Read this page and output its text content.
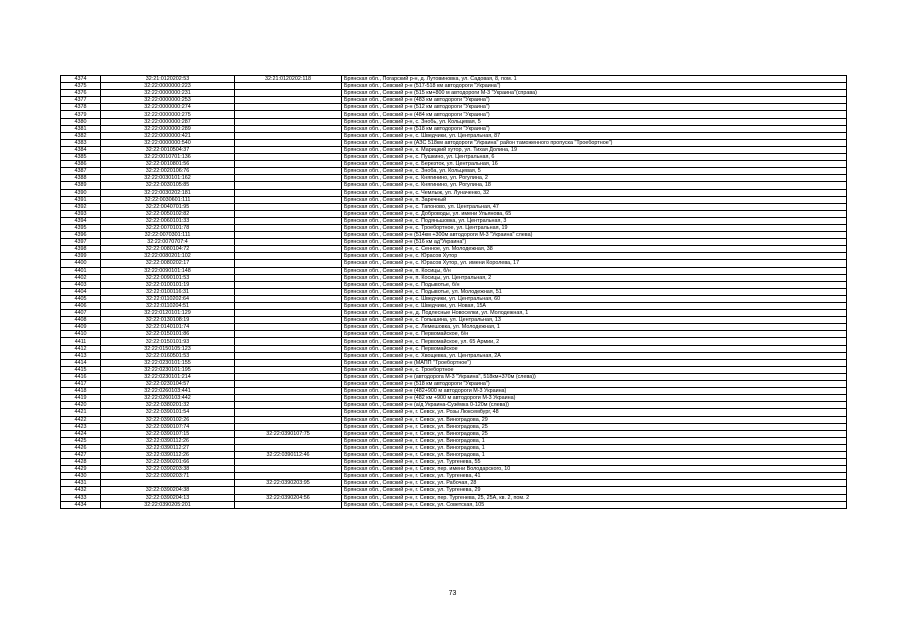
4374	32:21:0120202:53	32:21:0120202:118	Брянская обл., Погарский р-н, д. Лутовиновка, ул. Садовая, 8, пом. 1
4375	32:22:0000000:223		Брянская обл., Севский р-н (517-518 км автодороги "Украина")
4376	32:22:0000000:231		Брянская обл., Севский р-н (515 км+800 м автодороги М-3 "Украина"(справа)
4377	32:22:0000000:253		Брянская обл., Севский р-н (483 км автодороги "Украина")
4378	32:22:0000000:274		Брянская обл., Севский р-н (512 км автодороги "Украина")
4379	32:22:0000000:275		Брянская обл., Севский р-н (484 км автодороги "Украина")
4380	32:22:0000000:287		Брянская обл., Севский р-н, с. Знобь, ул. Кольцевая, 5
4381	32:22:0000000:289		Брянская обл., Севский р-н (518 км автодороги "Украина")
4382	32:22:0000000:421		Брянская обл., Севский р-н, с. Шведчики, ул. Центральная, 87
4383	32:22:0000000:540		Брянская обл., Севский р-н (АЗС 518км автодороги "Украина" район таможенного пропуска "Троебортное")
4384	32:22:0010504:37		Брянская обл., Севский р-н, х. Марицкий хутор, ул. Тихая Долина, 19
4385	32:22:0010701:136		Брянская обл., Севский р-н, с. Пушкино, ул. Центральная, 6
4386	32:22:0010801:56		Брянская обл., Севский р-н, с. Березток, ул. Центральная, 16
4387	32:22:0020106:76		Брянская обл., Севский р-н, с. Зноба, ул. Кольцевая, 5
4388	32:22:0030101:162		Брянская обл., Севский р-н, с. Княгинино, ул. Рогулина, 2
4389	32:22:0030105:85		Брянская обл., Севский р-н, с. Княгинино, ул. Рогулина, 18
4390	32:22:0030202:181		Брянская обл., Севский р-н, с. Чемлыж, ул. Луначенко, 32
4391	32:22:0030601:111		Брянская обл., Севский р-н, п. Заречный
4392	32:22:0040701:95		Брянская обл., Севский р-н, с. Тапоново, ул. Центральная, 47
4393	32:22:0050102:82		Брянская обл., Севский р-н, с. Доброводы, ул. имени Ульянова, 65
4394	32:22:0060101:33		Брянская обл., Севский р-н, с. Подяньшовка, ул. Центральная, 3
4395	32:22:0070101:78		Брянская обл., Севский р-н, с. Троебортное, ул. Центральная, 19
4396	32:22:0070301:111		Брянская обл., Севский р-н (514км +300м автодороги М-3 "Украина" слева)
4397	32:22:0070707:4		Брянская обл., Севский р-н (516 км ад"Украина")
4398	32:22:0080104:72		Брянская обл., Севский р-н, с. Сенное, ул. Молодежная, 38
4399	32:22:0080201:102		Брянская обл., Севский р-н, с. Юрасов Хутор
4400	32:22:0080202:17		Брянская обл., Севский р-н, с. Юрасов Хутор, ул. имени Королева, 17
4401	32:22:0090101:148		Брянская обл., Севский р-н, п. Косицы, б/н
4402	32:22:0090101:53		Брянская обл., Севский р-н, п. Косицы, ул. Центральная, 2
4403	32:22:0100101:19		Брянская обл., Севский р-н, с. Подывотье, б/н
4404	32:22:0100116:31		Брянская обл., Севский р-н, с. Подывотье, ул. Молодежная, 51
4405	32:22:0110202:64		Брянская обл., Севский р-н, с. Шведчики, ул. Центральная, 60
4406	32:22:0110204:51		Брянская обл., Севский р-н, с. Шведчики, ул. Новая, 15А
4407	32:22:0120101:129		Брянская обл., Севский р-н, д. Подлесные Новоселки, ул. Молодежная, 1
4408	32:22:0130108:19		Брянская обл., Севский р-н, с. Голышина, ул. Центральная, 13
4409	32:22:0140101:74		Брянская обл., Севский р-н, с. Лемешовка, ул. Молодежная, 1
4410	32:22:0150101:86		Брянская обл., Севский р-н, с. Первомайское, б/н
4411	32:22:0150101:93		Брянская обл., Севский р-н, с. Первомайское, ул. 65 Армии, 2
4412	32:22:0150105:123		Брянская обл., Севский р-н, с. Первомайское
4413	32:22:0160501:53		Брянская обл., Севский р-н, с. Хвощевка, ул. Центральная, 2А
4414	32:22:0230101:155		Брянская обл., Севский р-н (МАПП "Троебортное")
4415	32:22:0230101:195		Брянская обл., Севский р-н, с. Троебортное
4416	32:22:0230101:214		Брянская обл., Севский р-н (автодорога М-3 "Украина", 518км+370м (слева))
4417	32:22:0230104:57		Брянская обл., Севский р-н (518 км автодороги "Украина")
4418	32:22:0260103:441		Брянская обл., Севский р-н (482+900 м автодороги М-3 Украина)
4419	32:22:0260103:442		Брянская обл., Севский р-н (482 км +900 м автодороги М-3 Украина)
4420	32:22:0380201:32		Брянская обл., Севский р-н (а/д Украина-Сузёмка 0-120м (слева))
4421	32:22:0390101:54		Брянская обл., Севский р-н, г. Севск, ул. Розы Люксембург, 48
4422	32:22:0390102:26		Брянская обл., Севский р-н, г. Севск, ул. Виноградова, 29
4423	32:22:0390107:74		Брянская обл., Севский р-н, г. Севск, ул. Виноградова, 25
4424	32:22:0390107:15	32:22:0390107:75	Брянская обл., Севский р-н, г. Севск, ул. Виноградова, 25
4425	32:22:0390112:26		Брянская обл., Севский р-н, г. Севск, ул. Виноградова, 1
4426	32:22:0390112:27		Брянская обл., Севский р-н, г. Севск, ул. Виноградова, 1
4427	32:22:0390112:26	32:22:0390112:46	Брянская обл., Севский р-н, г. Севск, ул. Виноградова, 1
4428	32:22:0390201:66		Брянская обл., Севский р-н, г. Севск, ул. Тургенева, 55
4429	32:22:0390203:38		Брянская обл., Севский р-н, г. Севск, пер. имени Володарского, 10
4430	32:22:0390203:71		Брянская обл., Севский р-н, г. Севск, ул. Тургенева, 41
4431		32:22:0390203:95	Брянская обл., Севский р-н, г. Севск, ул. Рабочая, 28
4432	32:22:0390204:38		Брянская обл., Севский р-н, г. Севск, ул. Тургенева, 29
4433	32:22:0390204:13	32:22:0390204:56	Брянская обл., Севский р-н, г. Севск, пер. Тургенева, 25, 25А, кв. 2, пом. 2
4434	32:22:0390205:201		Брянская обл., Севский р-н, г. Севск, ул. Советская, 105
73
